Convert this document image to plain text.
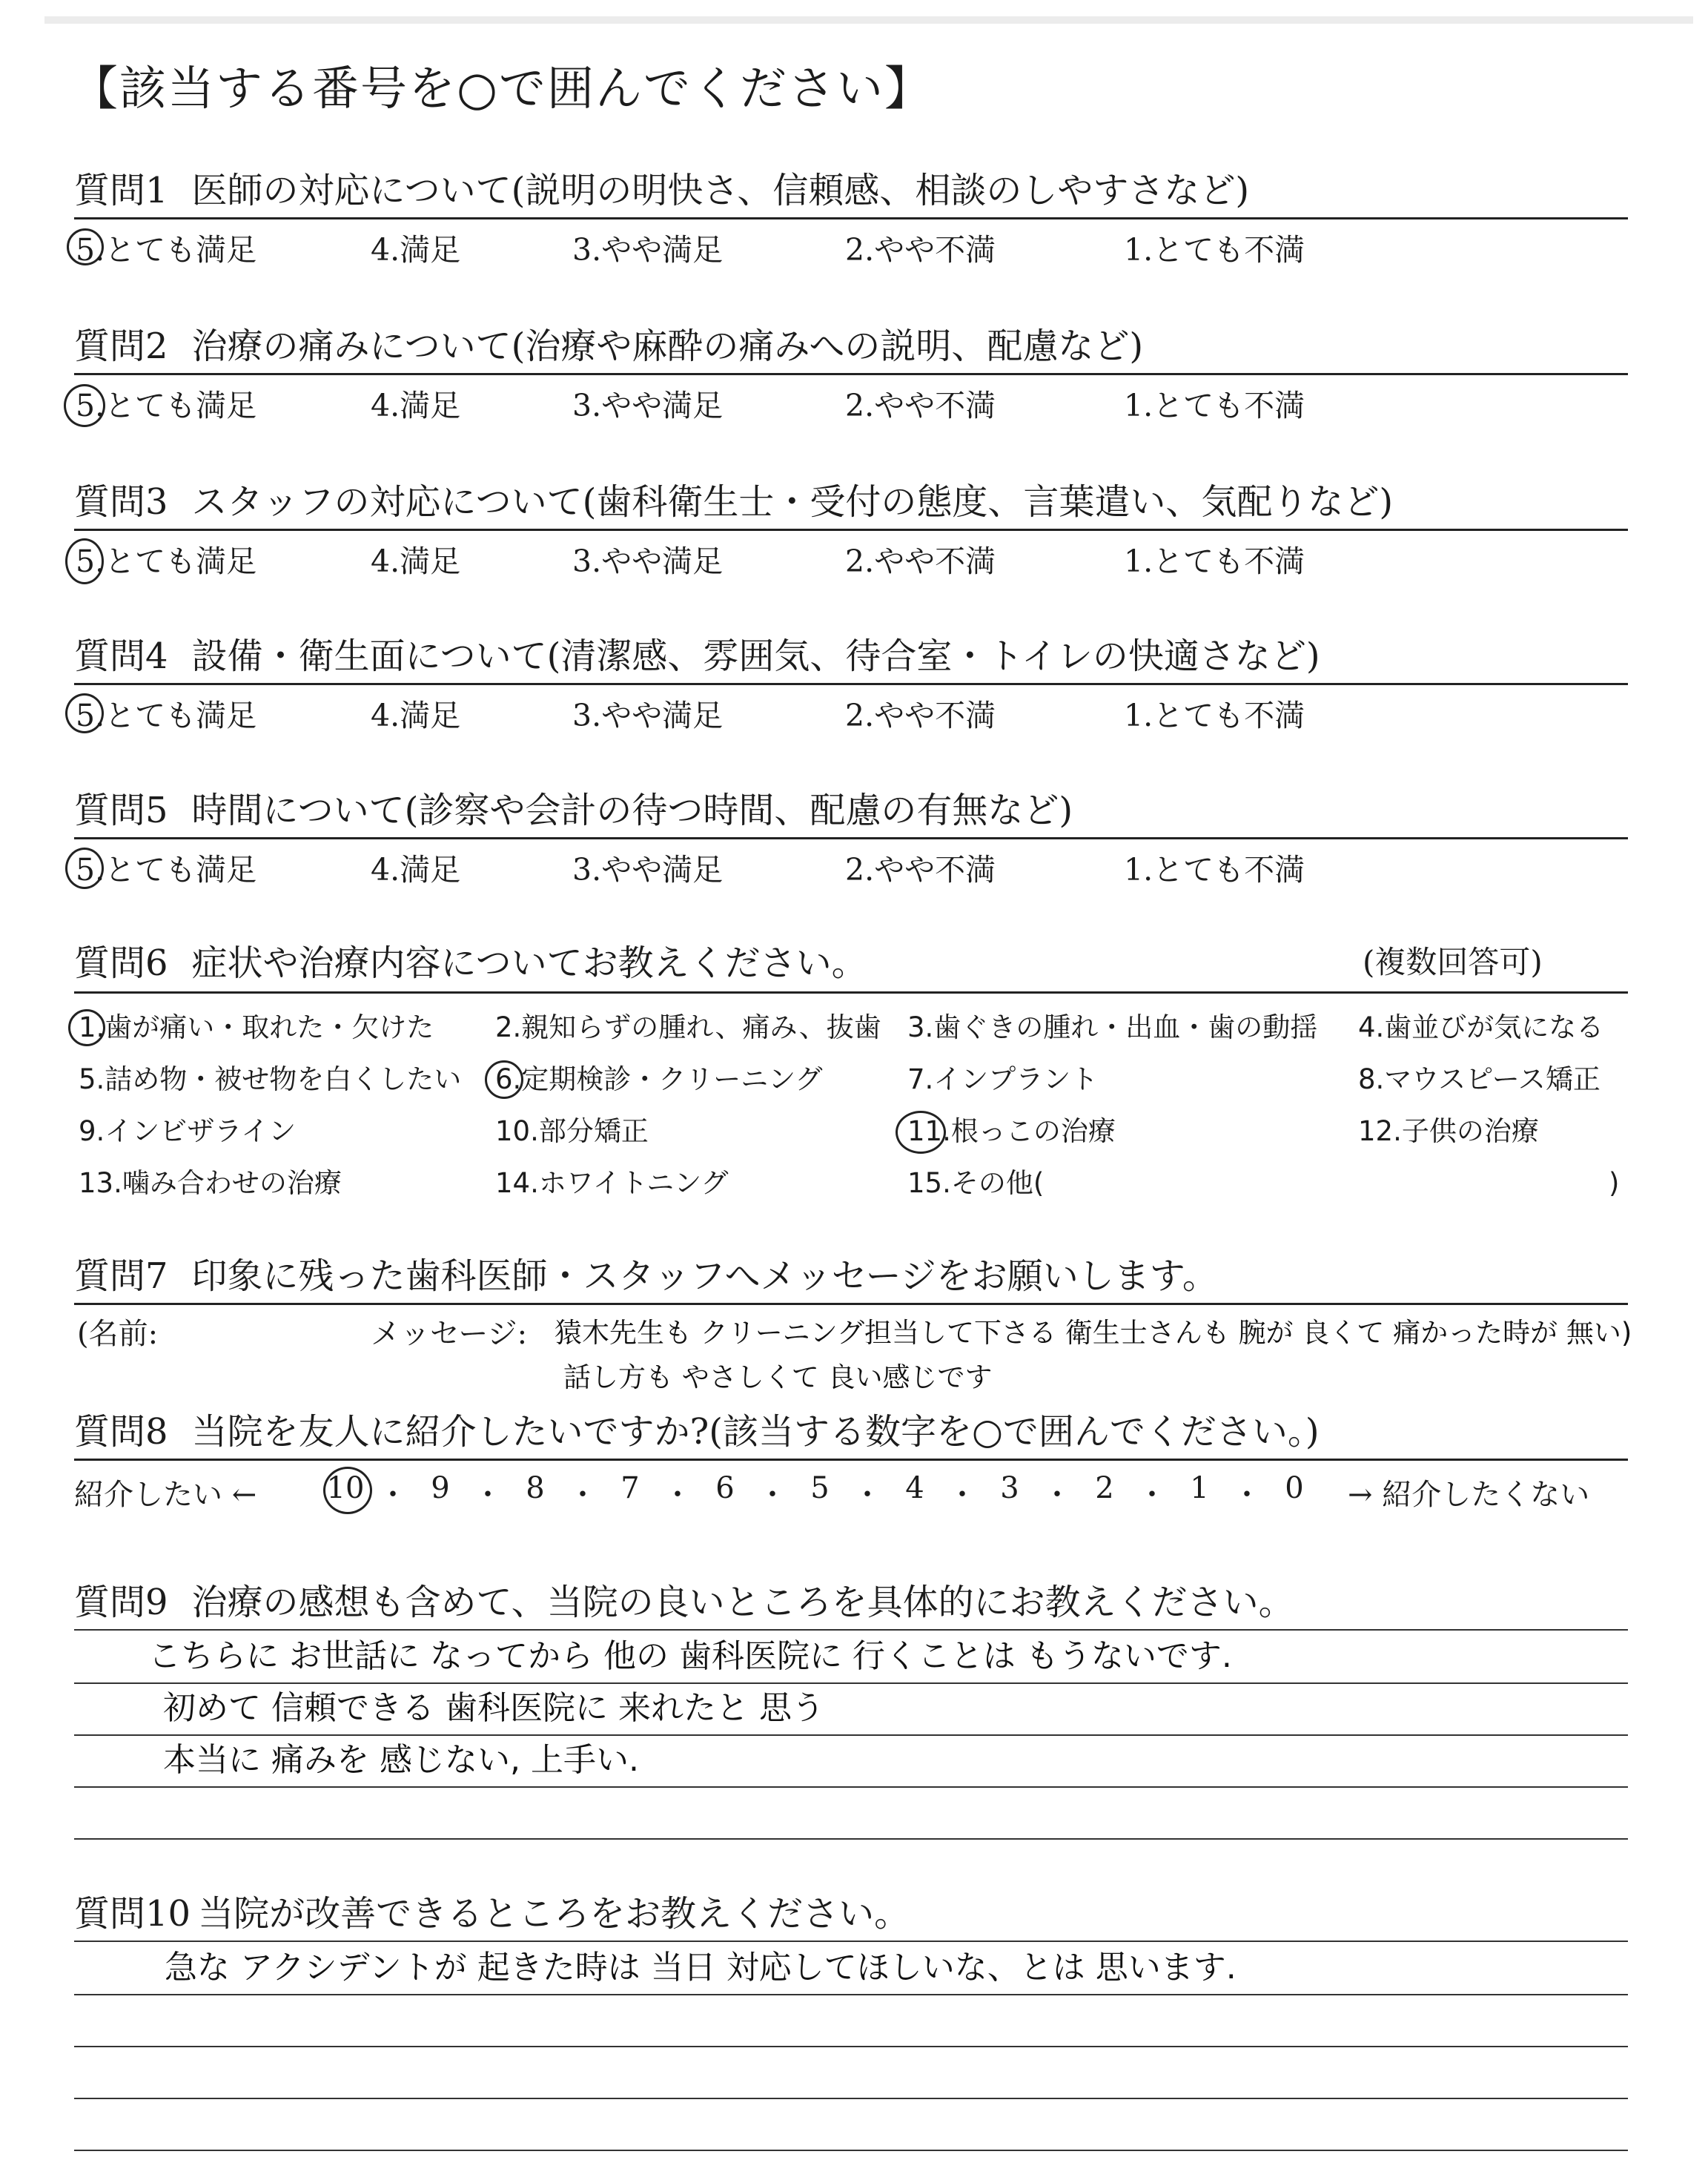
【該当する番号を○で囲んでください】
質問1 医師の対応について(説明の明快さ、信頼感、相談のしやすさなど)
5.とても満足	4.満足	3.やや満足	2.やや不満	1.とても不満
質問2 治療の痛みについて(治療や麻酔の痛みへの説明、配慮など)
5.とても満足	4.満足	3.やや満足	2.やや不満	1.とても不満
質問3 スタッフの対応について(歯科衛生士・受付の態度、言葉遣い、気配りなど)
5.とても満足	4.満足	3.やや満足	2.やや不満	1.とても不満
質問4 設備・衛生面について(清潔感、雰囲気、待合室・トイレの快適さなど)
5.とても満足	4.満足	3.やや満足	2.やや不満	1.とても不満
質問5 時間について(診察や会計の待つ時間、配慮の有無など)
5.とても満足	4.満足	3.やや満足	2.やや不満	1.とても不満
質問6 症状や治療内容についてお教えください。	(複数回答可)
1.歯が痛い・取れた・欠けた 2.親知らずの腫れ、痛み、抜歯 3.歯ぐきの腫れ・出血・歯の動揺 4.歯並びが気になる
5.詰め物・被せ物を白くしたい 6.定期検診・クリーニング	7.インプラント	8.マウスピース矯正
9.インビザライン	10.部分矯正	11.根っこの治療	12.子供の治療
13.噛み合わせの治療	14.ホワイトニング	15.その他(	)
質問7 印象に残った歯科医師・スタッフへメッセージをお願いします。
(名前:	メッセージ: 猿木先生も クリーニング担当して下さる 衛生士さんも 腕が 良くて 痛かった時が 無い)
話し方も やさしくて 良い感じです
質問8 当院を友人に紹介したいですか?(該当する数字を○で囲んでください。)
紹介したい ← 10 ・ 9 ・ 8 ・ 7 ・ 6 ・ 5 ・ 4 ・ 3 ・ 2 ・ 1 ・ 0 → 紹介したくない
質問9 治療の感想も含めて、当院の良いところを具体的にお教えください。
こちらに お世話に なってから 他の 歯科医院に 行くことは もうないです.
初めて 信頼できる 歯科医院に 来れたと 思う
本当に 痛みを 感じない, 上手い.
質問10 当院が改善できるところをお教えください。
急な アクシデントが 起きた時は 当日 対応してほしいな、とは 思います.
